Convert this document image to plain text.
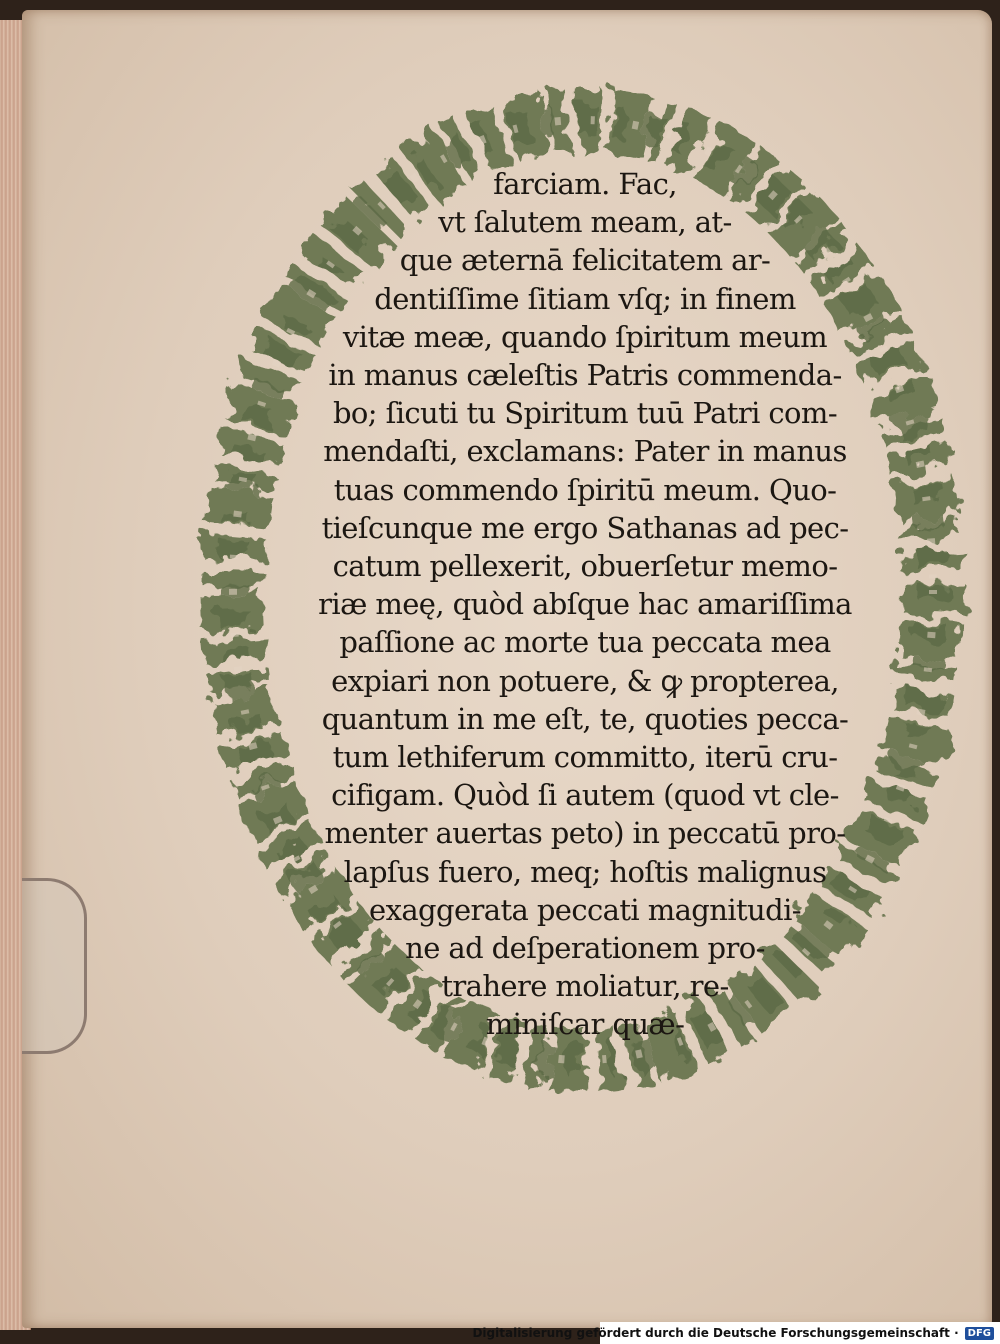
farciam. Fac,
vt ſalutem meam, at-
que æternā felicitatem ar-
dentiſſime ſitiam vſq; in finem
vitæ meæ, quando ſpiritum meum
in manus cæleſtis Patris commenda-
bo; ſicuti tu Spiritum tuū Patri com-
mendaſti, exclamans: Pater in manus
tuas commendo ſpiritū meum. Quo-
tieſcunque me ergo Sathanas ad pec-
catum pellexerit, obuerſetur memo-
riæ meę, quòd abſque hac amariſſima
paſſione ac morte tua peccata mea
expiari non potuere, & ꝙ propterea,
quantum in me eſt, te, quoties pecca-
tum lethiferum committo, iterū cru-
cifigam. Quòd ſi autem (quod vt cle-
menter auertas peto) in peccatū pro-
lapſus fuero, meq; hoſtis malignus
exaggerata peccati magnitudi-
ne ad deſperationem pro-
trahere moliatur, re-
miniſcar quæ-
Digitalisierung gefördert durch die Deutsche Forschungsgemeinschaft · DFG
